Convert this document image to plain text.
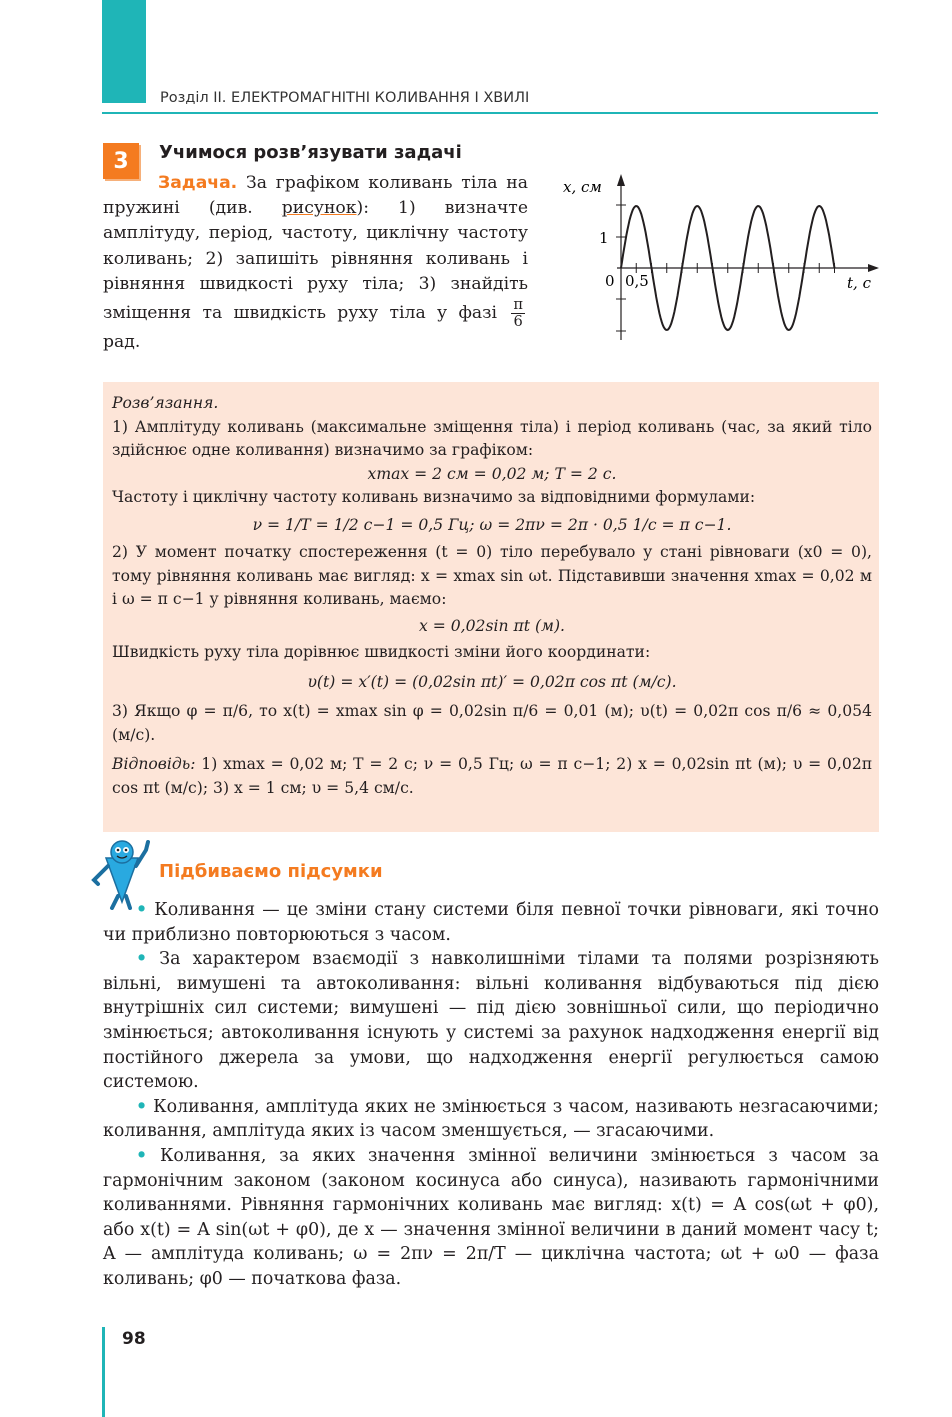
Розділ ІІ. ЕЛЕКТРОМАГНІТНІ КОЛИВАННЯ І ХВИЛІ
3	Учимося розв’язувати задачі
Задача. За графіком коливань тіла на пружині (див. рисунок): 1) визначте амплітуду, період, частоту, циклічну частоту коливань; 2) запишіть рівняння коливань і рівняння швидкості руху тіла; 3) знайдіть зміщення та швидкість руху тіла у фазі $\frac{\pi}{6}$
рад.
x, см
t, с
0 0,5
1
Розв’язання.
1) Амплітуду коливань (максимальне зміщення тіла) і період коливань (час, за який тіло здійснює одне коливання) визначимо за графіком:
xmax = 2 см = 0,02 м; T = 2 с.
Частоту і циклічну частоту коливань визначимо за відповідними формулами:
ν = 1/T = 1/2 с−1 = 0,5 Гц; ω = 2πν = 2π · 0,5 1/с = π с−1.
2) У момент початку спостереження (t = 0) тіло перебувало у стані рівноваги (x0 = 0), тому рівняння коливань має вигляд: x = xmax sin ωt. Підставивши значення xmax = 0,02 м і ω = π с−1 у рівняння коливань, маємо:
x = 0,02sin πt (м).
Швидкість руху тіла дорівнює швидкості зміни його координати:
υ(t) = x′(t) = (0,02sin πt)′ = 0,02π cos πt (м/с).
3) Якщо φ = π/6, то x(t) = xmax sin φ = 0,02sin π/6 = 0,01 (м); υ(t) = 0,02π cos π/6 ≈ 0,054 (м/с).
Відповідь: 1) xmax = 0,02 м; T = 2 с; ν = 0,5 Гц; ω = π с−1; 2) x = 0,02sin πt (м); υ = 0,02π cos πt (м/с); 3) x = 1 см; υ = 5,4 см/с.
Підбиваємо підсумки

• Коливання — це зміни стану системи біля певної точки рівноваги, які точно чи приблизно повторюються з часом.

• За характером взаємодії з навколишніми тілами та полями розрізняють вільні, вимушені та автоколивання: вільні коливання відбуваються під дією внутрішніх сил системи; вимушені — під дією зовнішньої сили, що періодично змінюється; автоколивання існують у системі за рахунок надходження енергії від постійного джерела за умови, що надходження енергії регулюється самою системою.

• Коливання, амплітуда яких не змінюється з часом, називають незгасаючими; коливання, амплітуда яких із часом зменшується, — згасаючими.

• Коливання, за яких значення змінної величини змінюється з часом за гармонічним законом (законом косинуса або синуса), називають гармонічними коливаннями. Рівняння гармонічних коливань має вигляд: x(t) = A cos(ωt + φ0), або x(t) = A sin(ωt + φ0), де x — значення змінної величини в даний момент часу t; A — амплітуда коливань; ω = 2πν = 2π/T — циклічна частота; ωt + ω0 — фаза коливань; φ0 — початкова фаза.

98
